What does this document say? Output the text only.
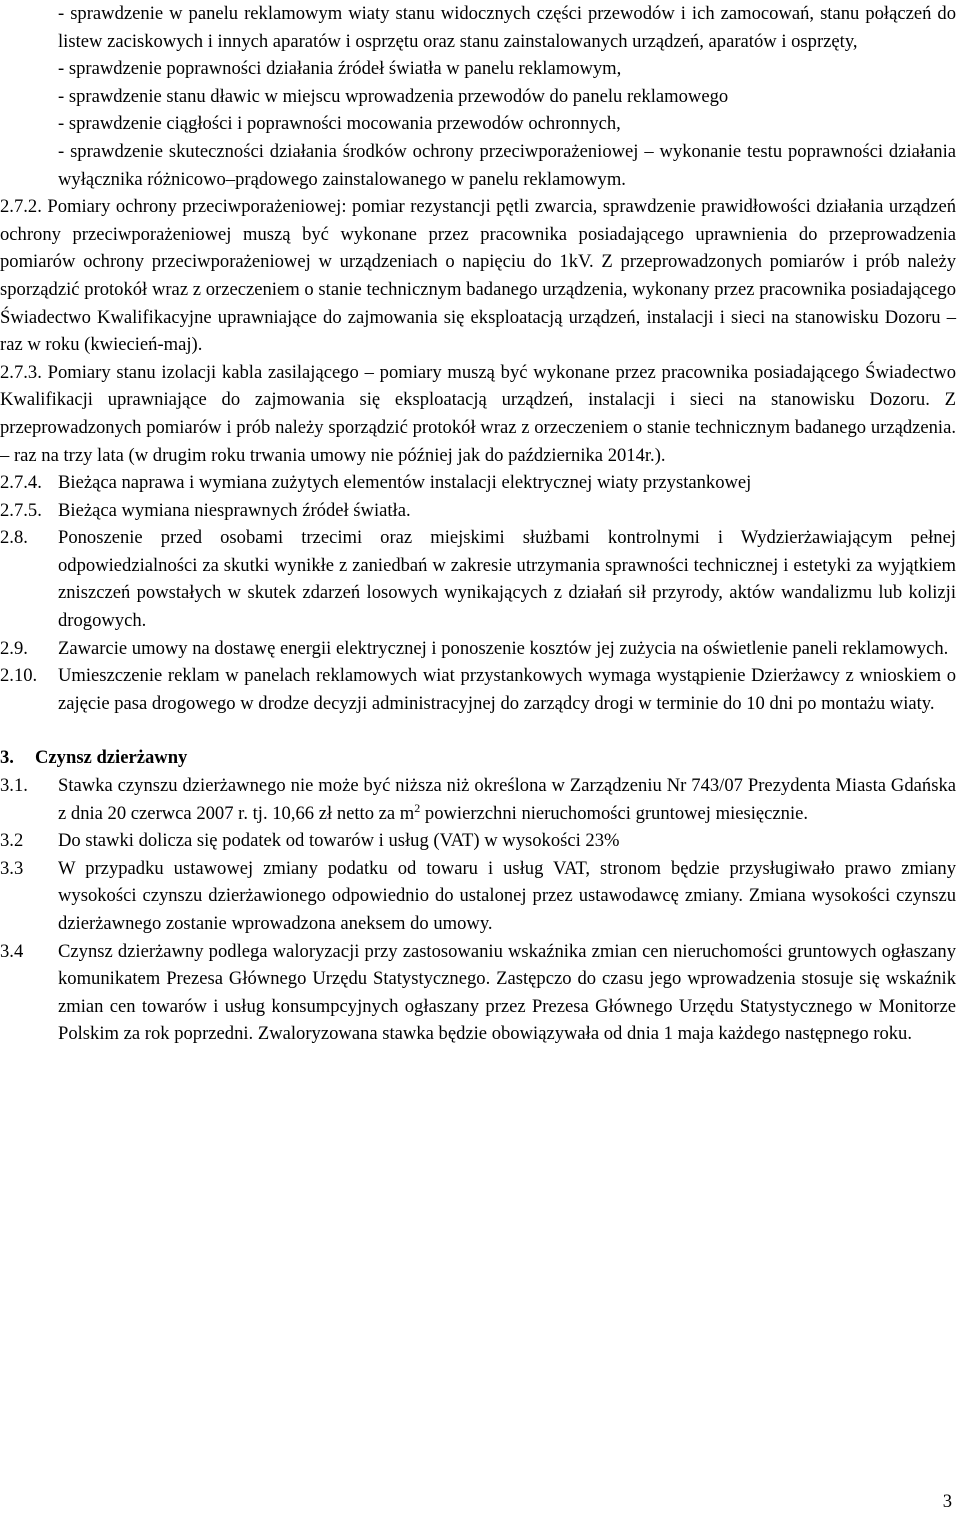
- sprawdzenie w panelu reklamowym wiaty stanu widocznych części przewodów i ich zamocowań, stanu połączeń do listew zaciskowych i innych aparatów i osprzętu oraz stanu zainstalowanych urządzeń, aparatów i osprzęty,

- sprawdzenie poprawności działania źródeł światła w panelu reklamowym,

- sprawdzenie stanu dławic w miejscu wprowadzenia przewodów do panelu reklamowego

- sprawdzenie ciągłości i poprawności mocowania przewodów ochronnych,

- sprawdzenie skuteczności działania środków ochrony przeciwporażeniowej – wykonanie testu poprawności działania wyłącznika różnicowo–prądowego zainstalowanego w panelu reklamowym.

2.7.2. Pomiary ochrony przeciwporażeniowej: pomiar rezystancji pętli zwarcia, sprawdzenie prawidłowości działania urządzeń ochrony przeciwporażeniowej muszą być wykonane przez pracownika posiadającego uprawnienia do przeprowadzenia pomiarów ochrony przeciwporażeniowej w urządzeniach o napięciu do 1kV. Z przeprowadzonych pomiarów i prób należy sporządzić protokół wraz z orzeczeniem o stanie technicznym badanego urządzenia, wykonany przez pracownika posiadającego Świadectwo Kwalifikacyjne uprawniające do zajmowania się eksploatacją urządzeń, instalacji i sieci na stanowisku Dozoru – raz w roku (kwiecień-maj).

2.7.3. Pomiary stanu izolacji kabla zasilającego – pomiary muszą być wykonane przez pracownika posiadającego Świadectwo Kwalifikacji uprawniające do zajmowania się eksploatacją urządzeń, instalacji i sieci na stanowisku Dozoru. Z przeprowadzonych pomiarów i prób należy sporządzić protokół wraz z orzeczeniem o stanie technicznym badanego urządzenia. – raz na trzy lata (w drugim roku trwania umowy nie później jak do października 2014r.).

2.7.4. Bieżąca naprawa i wymiana zużytych elementów instalacji elektrycznej wiaty przystankowej

2.7.5. Bieżąca wymiana niesprawnych źródeł światła.

2.8.	Ponoszenie przed osobami trzecimi oraz miejskimi służbami kontrolnymi i Wydzierżawiającym pełnej odpowiedzialności za skutki wynikłe z zaniedbań w zakresie utrzymania sprawności technicznej i estetyki za wyjątkiem zniszczeń powstałych w skutek zdarzeń losowych wynikających z działań sił przyrody, aktów wandalizmu lub kolizji drogowych.

2.9.	Zawarcie umowy na dostawę energii elektrycznej i ponoszenie kosztów jej zużycia na oświetlenie paneli reklamowych.

2.10.	Umieszczenie reklam w panelach reklamowych wiat przystankowych wymaga wystąpienie Dzierżawcy z wnioskiem o zajęcie pasa drogowego w drodze decyzji administracyjnej do zarządcy drogi w terminie do 10 dni po montażu wiaty.

3.	Czynsz dzierżawny
3.1.	Stawka czynszu dzierżawnego nie może być niższa niż określona w Zarządzeniu Nr 743/07 Prezydenta Miasta Gdańska z dnia 20 czerwca 2007 r. tj. 10,66 zł netto za $m^2$ powierzchni nieruchomości gruntowej miesięcznie.

3.2	Do stawki dolicza się podatek od towarów i usług (VAT) w wysokości 23%

3.3	W przypadku ustawowej zmiany podatku od towaru i usług VAT, stronom będzie przysługiwało prawo zmiany wysokości czynszu dzierżawionego odpowiednio do ustalonej przez ustawodawcę zmiany. Zmiana wysokości czynszu dzierżawnego zostanie wprowadzona aneksem do umowy.

3.4	Czynsz dzierżawny podlega waloryzacji przy zastosowaniu wskaźnika zmian cen nieruchomości gruntowych ogłaszany komunikatem Prezesa Głównego Urzędu Statystycznego. Zastępczo do czasu jego wprowadzenia stosuje się wskaźnik zmian cen towarów i usług konsumpcyjnych ogłaszany przez Prezesa Głównego Urzędu Statystycznego w Monitorze Polskim za rok poprzedni. Zwaloryzowana stawka będzie obowiązywała od dnia 1 maja każdego następnego roku.

3
